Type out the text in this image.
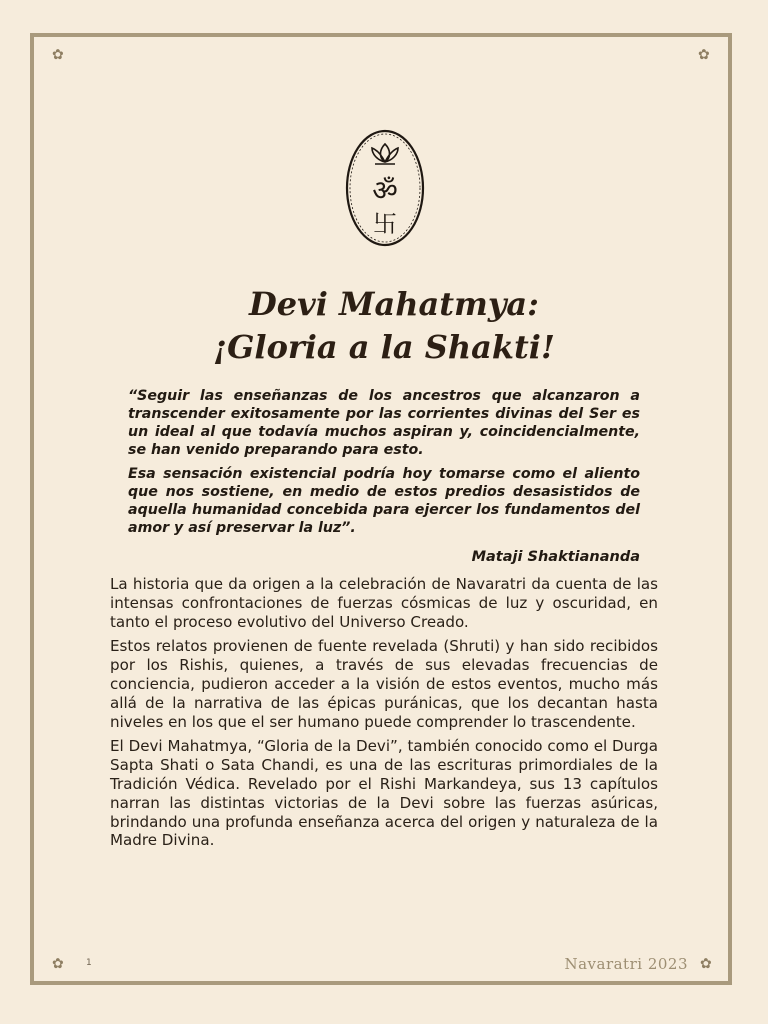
✿	✿
✿	✿
ॐ
卐
Devi Mahatmya:
¡Gloria a la Shakti!

“Seguir las enseñanzas de los ancestros que alcanzaron a transcender exitosamente por las corrientes divinas del Ser es un ideal al que todavía muchos aspiran y, coincidencialmente, se han venido preparando para esto.

Esa sensación existencial podría hoy tomarse como el aliento que nos sostiene, en medio de estos predios desasistidos de aquella humanidad concebida para ejercer los fundamentos del amor y así preservar la luz”.

Mataji Shaktiananda

La historia que da origen a la celebración de Navaratri da cuenta de las intensas confrontaciones de fuerzas cósmicas de luz y oscuridad, en tanto el proceso evolutivo del Universo Creado.

Estos relatos provienen de fuente revelada (Shruti) y han sido recibidos por los Rishis, quienes, a través de sus elevadas frecuencias de conciencia, pudieron acceder a la visión de estos eventos, mucho más allá de la narrativa de las épicas puránicas, que los decantan hasta niveles en los que el ser humano puede comprender lo trascendente.

El Devi Mahatmya, “Gloria de la Devi”, también conocido como el Durga Sapta Shati o Sata Chandi, es una de las escrituras primordiales de la Tradición Védica. Revelado por el Rishi Markandeya, sus 13 capítulos narran las distintas victorias de la Devi sobre las fuerzas asúricas, brindando una profunda enseñanza acerca del origen y naturaleza de la Madre Divina.

1	Navaratri 2023
